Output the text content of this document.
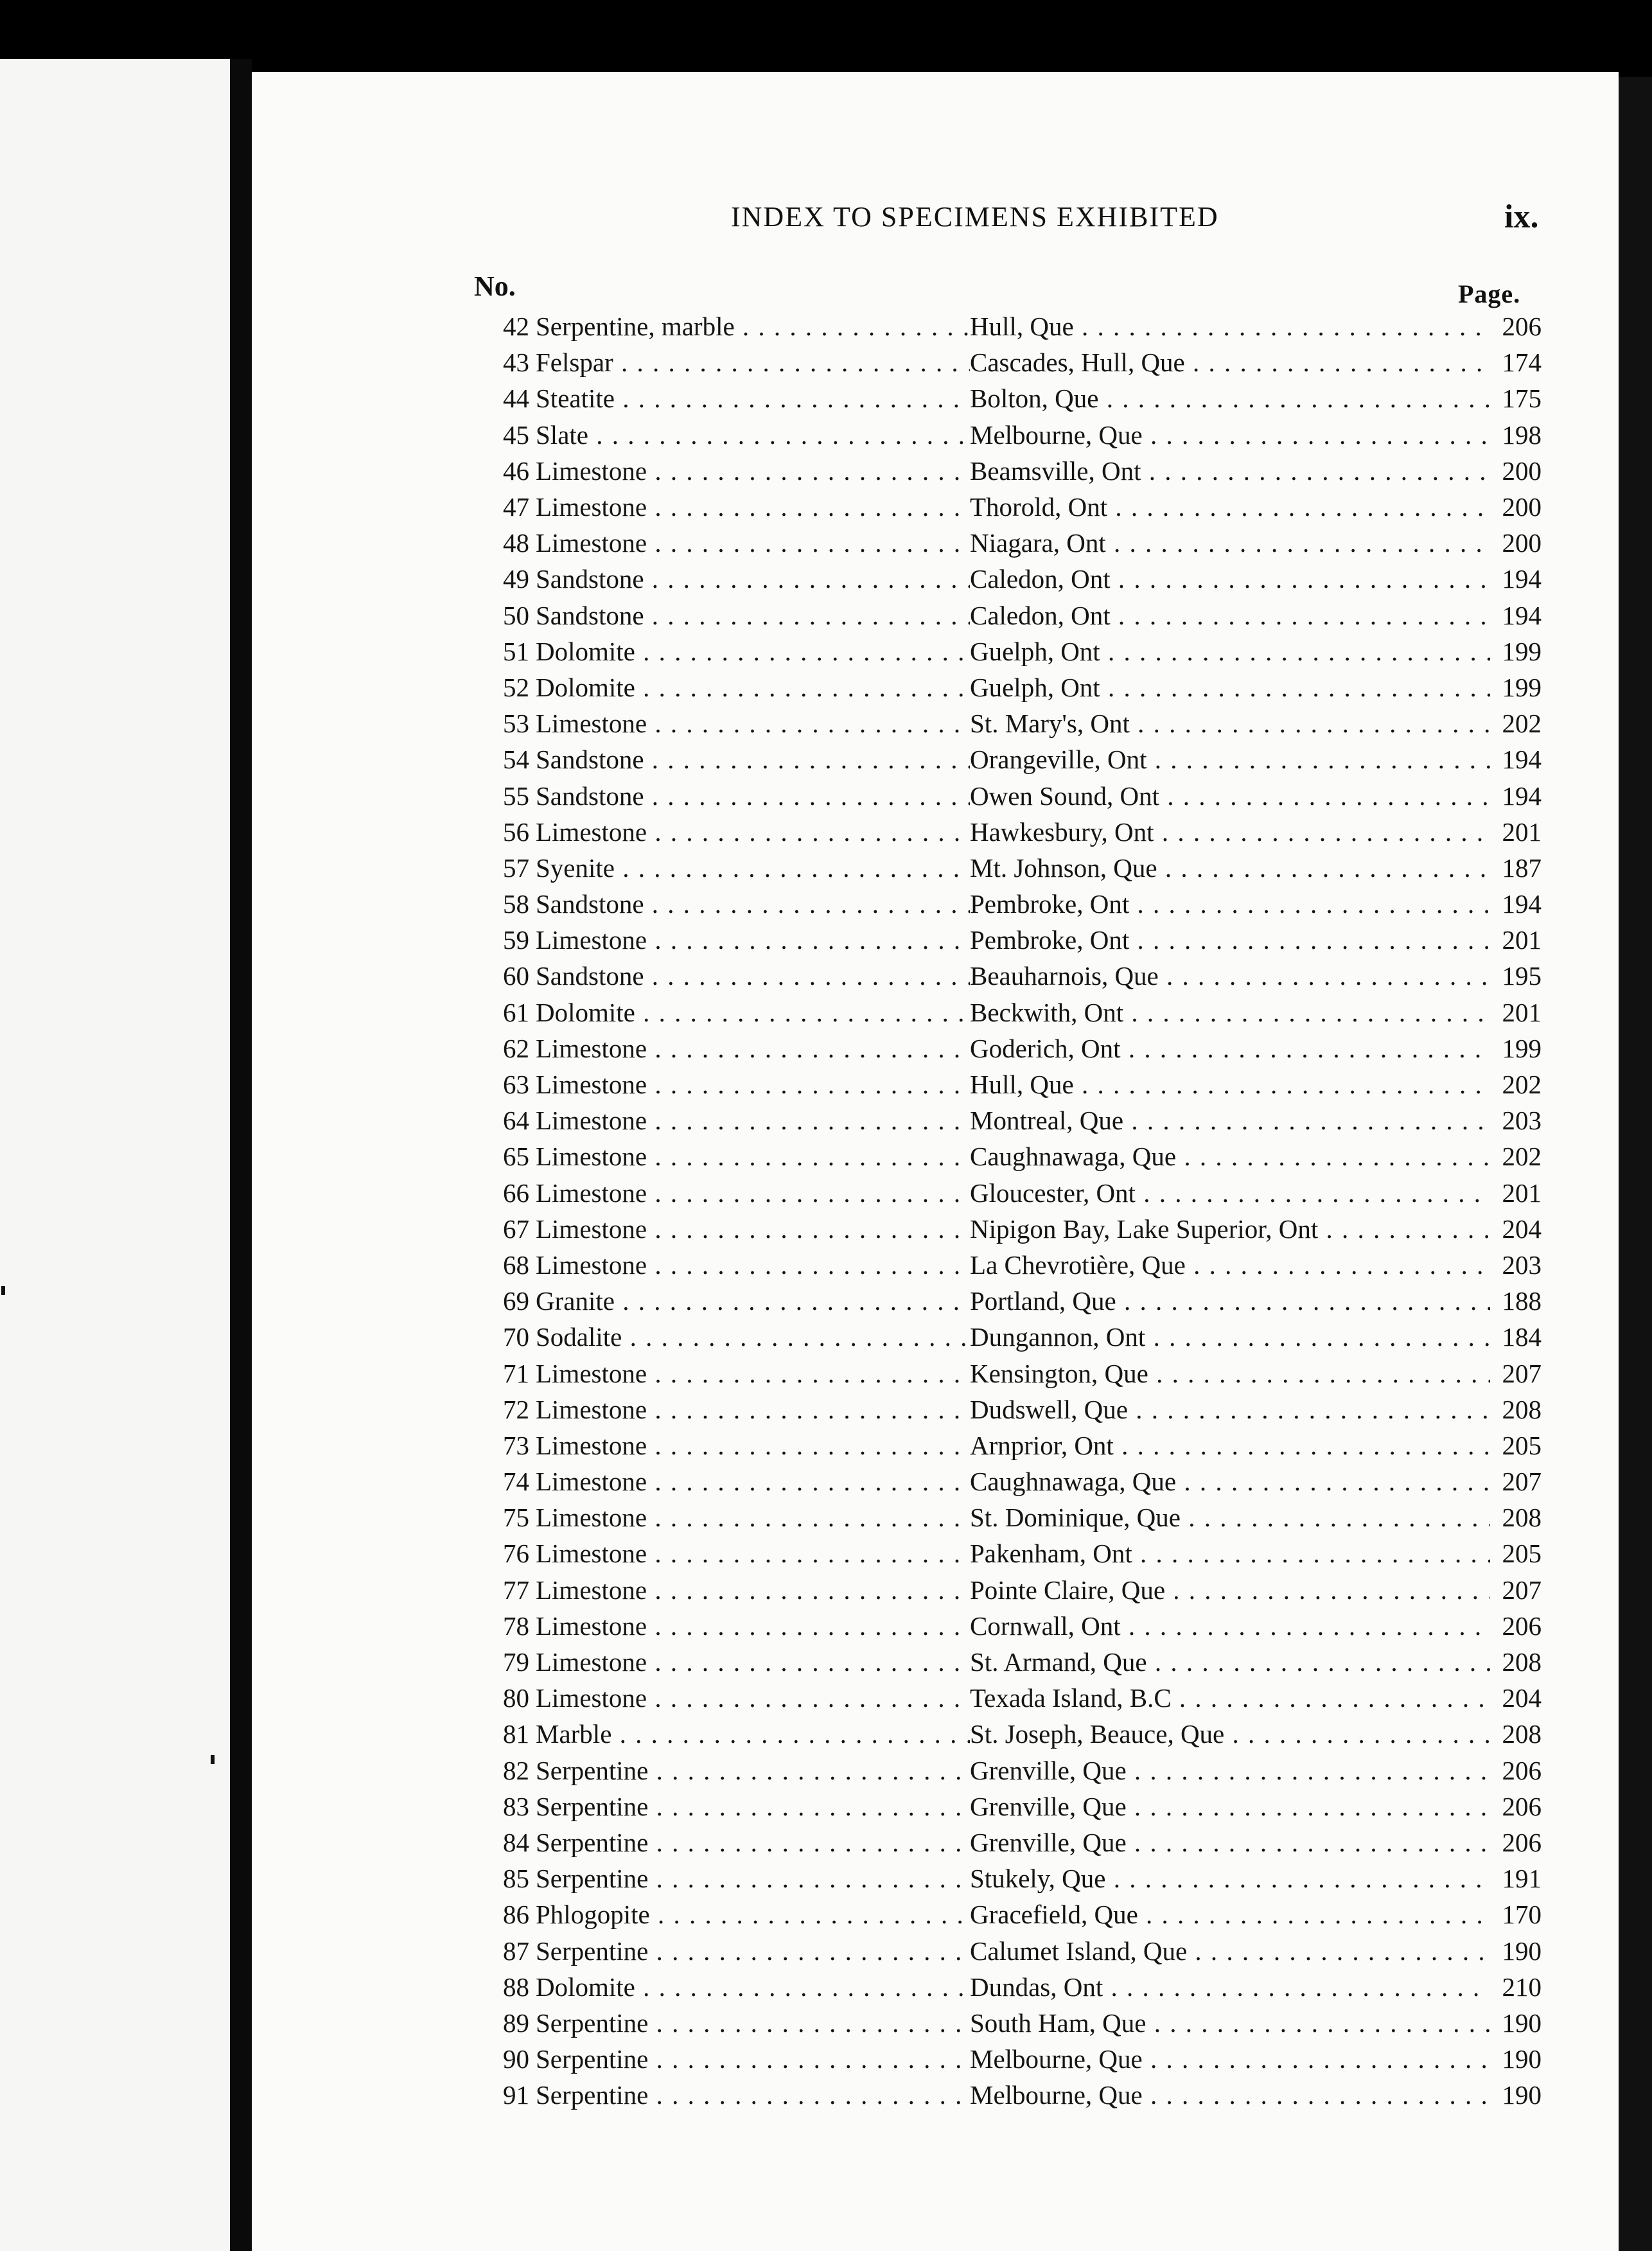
INDEX TO SPECIMENS EXHIBITED	ix.
No.	Page.
42 Serpentine, marble . . .	Hull, Que . . .	206
43 Felspar . . .	Cascades, Hull, Que . . .	174
44 Steatite . . .	Bolton, Que . . .	175
45 Slate . . .	Melbourne, Que . . .	198
46 Limestone . . .	Beamsville, Ont . . .	200
47 Limestone . . .	Thorold, Ont . . .	200
48 Limestone . . .	Niagara, Ont . . .	200
49 Sandstone . . .	Caledon, Ont . . .	194
50 Sandstone . . .	Caledon, Ont . . .	194
51 Dolomite . . .	Guelph, Ont . . .	199
52 Dolomite . . .	Guelph, Ont . . .	199
53 Limestone . . .	St. Mary's, Ont . . .	202
54 Sandstone . . .	Orangeville, Ont . . .	194
55 Sandstone . . .	Owen Sound, Ont . . .	194
56 Limestone . . .	Hawkesbury, Ont . . .	201
57 Syenite . . .	Mt. Johnson, Que . . .	187
58 Sandstone . . .	Pembroke, Ont . . .	194
59 Limestone . . .	Pembroke, Ont . . .	201
60 Sandstone . . .	Beauharnois, Que . . .	195
61 Dolomite . . .	Beckwith, Ont . . .	201
62 Limestone . . .	Goderich, Ont . . .	199
63 Limestone . . .	Hull, Que . . .	202
64 Limestone . . .	Montreal, Que . . .	203
65 Limestone . . .	Caughnawaga, Que . . .	202
66 Limestone . . .	Gloucester, Ont . . .	201
67 Limestone . . .	Nipigon Bay, Lake Superior, Ont . . .	204
68 Limestone . . .	La Chevrotière, Que . . .	203
69 Granite . . .	Portland, Que . . .	188
70 Sodalite . . .	Dungannon, Ont . . .	184
71 Limestone . . .	Kensington, Que . . .	207
72 Limestone . . .	Dudswell, Que . . .	208
73 Limestone . . .	Arnprior, Ont . . .	205
74 Limestone . . .	Caughnawaga, Que . . .	207
75 Limestone . . .	St. Dominique, Que . . .	208
76 Limestone . . .	Pakenham, Ont . . .	205
77 Limestone . . .	Pointe Claire, Que . . .	207
78 Limestone . . .	Cornwall, Ont . . .	206
79 Limestone . . .	St. Armand, Que . . .	208
80 Limestone . . .	Texada Island, B.C . . .	204
81 Marble . . .	St. Joseph, Beauce, Que . . .	208
82 Serpentine . . .	Grenville, Que . . .	206
83 Serpentine . . .	Grenville, Que . . .	206
84 Serpentine . . .	Grenville, Que . . .	206
85 Serpentine . . .	Stukely, Que . . .	191
86 Phlogopite . . .	Gracefield, Que . . .	170
87 Serpentine . . .	Calumet Island, Que . . .	190
88 Dolomite . . .	Dundas, Ont . . .	210
89 Serpentine . . .	South Ham, Que . . .	190
90 Serpentine . . .	Melbourne, Que . . .	190
91 Serpentine . . .	Melbourne, Que . . .	190
